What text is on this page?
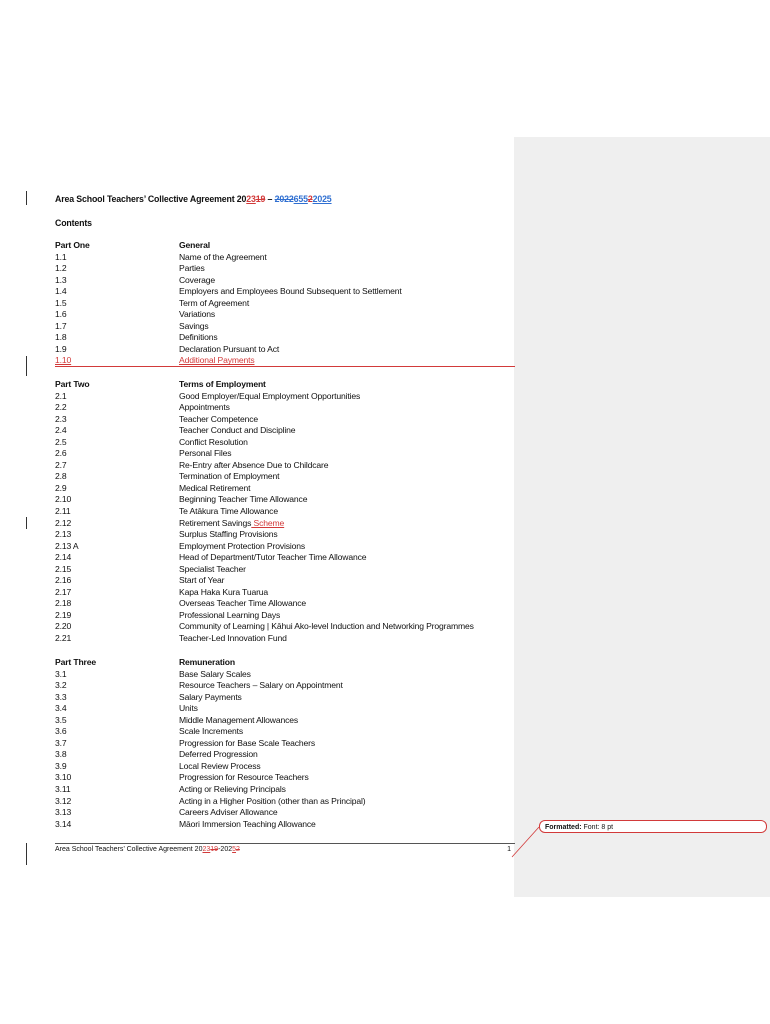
Area School Teachers’ Collective Agreement 202319 – 202265522025
Contents
Part One	General
1.1	Name of the Agreement
1.2	Parties
1.3	Coverage
1.4	Employers and Employees Bound Subsequent to Settlement
1.5	Term of Agreement
1.6	Variations
1.7	Savings
1.8	Definitions
1.9	Declaration Pursuant to Act
1.10	Additional Payments
Part Two	Terms of Employment
2.1	Good Employer/Equal Employment Opportunities
2.2	Appointments
2.3	Teacher Competence
2.4	Teacher Conduct and Discipline
2.5	Conflict Resolution
2.6	Personal Files
2.7	Re-Entry after Absence Due to Childcare
2.8	Termination of Employment
2.9	Medical Retirement
2.10	Beginning Teacher Time Allowance
2.11	Te Atākura Time Allowance
2.12	Retirement Savings Scheme
2.13	Surplus Staffing Provisions
2.13 A	Employment Protection Provisions
2.14	Head of Department/Tutor Teacher Time Allowance
2.15	Specialist Teacher
2.16	Start of Year
2.17	Kapa Haka Kura Tuarua
2.18	Overseas Teacher Time Allowance
2.19	Professional Learning Days
2.20	Community of Learning | Kāhui Ako-level Induction and Networking Programmes
2.21	Teacher-Led Innovation Fund
Part Three	Remuneration
3.1	Base Salary Scales
3.2	Resource Teachers – Salary on Appointment
3.3	Salary Payments
3.4	Units
3.5	Middle Management Allowances
3.6	Scale Increments
3.7	Progression for Base Scale Teachers
3.8	Deferred Progression
3.9	Local Review Process
3.10	Progression for Resource Teachers
3.11	Acting or Relieving Principals
3.12	Acting in a Higher Position (other than as Principal)
3.13	Careers Adviser Allowance
3.14	Māori Immersion Teaching Allowance
Area School Teachers’ Collective Agreement 202319-20252	1
Formatted: Font: 8 pt
